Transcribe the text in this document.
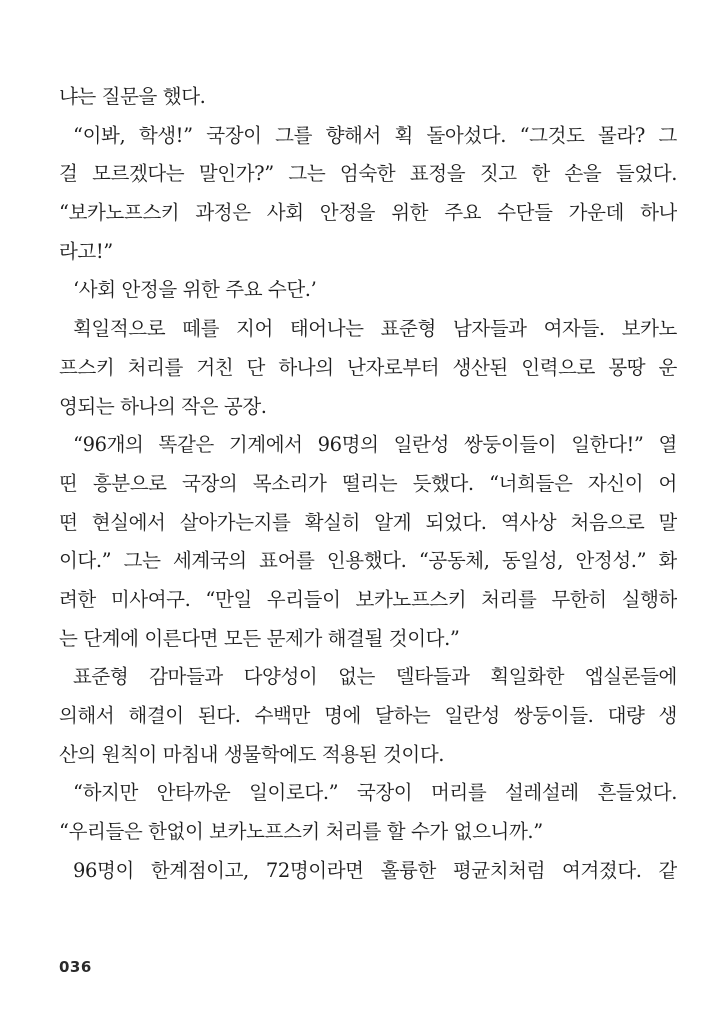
냐는 질문을 했다.
“이봐, 학생!” 국장이 그를 향해서 획 돌아섰다. “그것도 몰라? 그
걸 모르겠다는 말인가?” 그는 엄숙한 표정을 짓고 한 손을 들었다.
“보카노프스키 과정은 사회 안정을 위한 주요 수단들 가운데 하나
라고!”
‘사회 안정을 위한 주요 수단.’
획일적으로 떼를 지어 태어나는 표준형 남자들과 여자들. 보카노
프스키 처리를 거친 단 하나의 난자로부터 생산된 인력으로 몽땅 운
영되는 하나의 작은 공장.
“96개의 똑같은 기계에서 96명의 일란성 쌍둥이들이 일한다!” 열
띤 흥분으로 국장의 목소리가 떨리는 듯했다. “너희들은 자신이 어
떤 현실에서 살아가는지를 확실히 알게 되었다. 역사상 처음으로 말
이다.” 그는 세계국의 표어를 인용했다. “공동체, 동일성, 안정성.” 화
려한 미사여구. “만일 우리들이 보카노프스키 처리를 무한히 실행하
는 단계에 이른다면 모든 문제가 해결될 것이다.”
표준형 감마들과 다양성이 없는 델타들과 획일화한 엡실론들에
의해서 해결이 된다. 수백만 명에 달하는 일란성 쌍둥이들. 대량 생
산의 원칙이 마침내 생물학에도 적용된 것이다.
“하지만 안타까운 일이로다.” 국장이 머리를 설레설레 흔들었다.
“우리들은 한없이 보카노프스키 처리를 할 수가 없으니까.”
96명이 한계점이고, 72명이라면 훌륭한 평균치처럼 여겨졌다. 같
036
